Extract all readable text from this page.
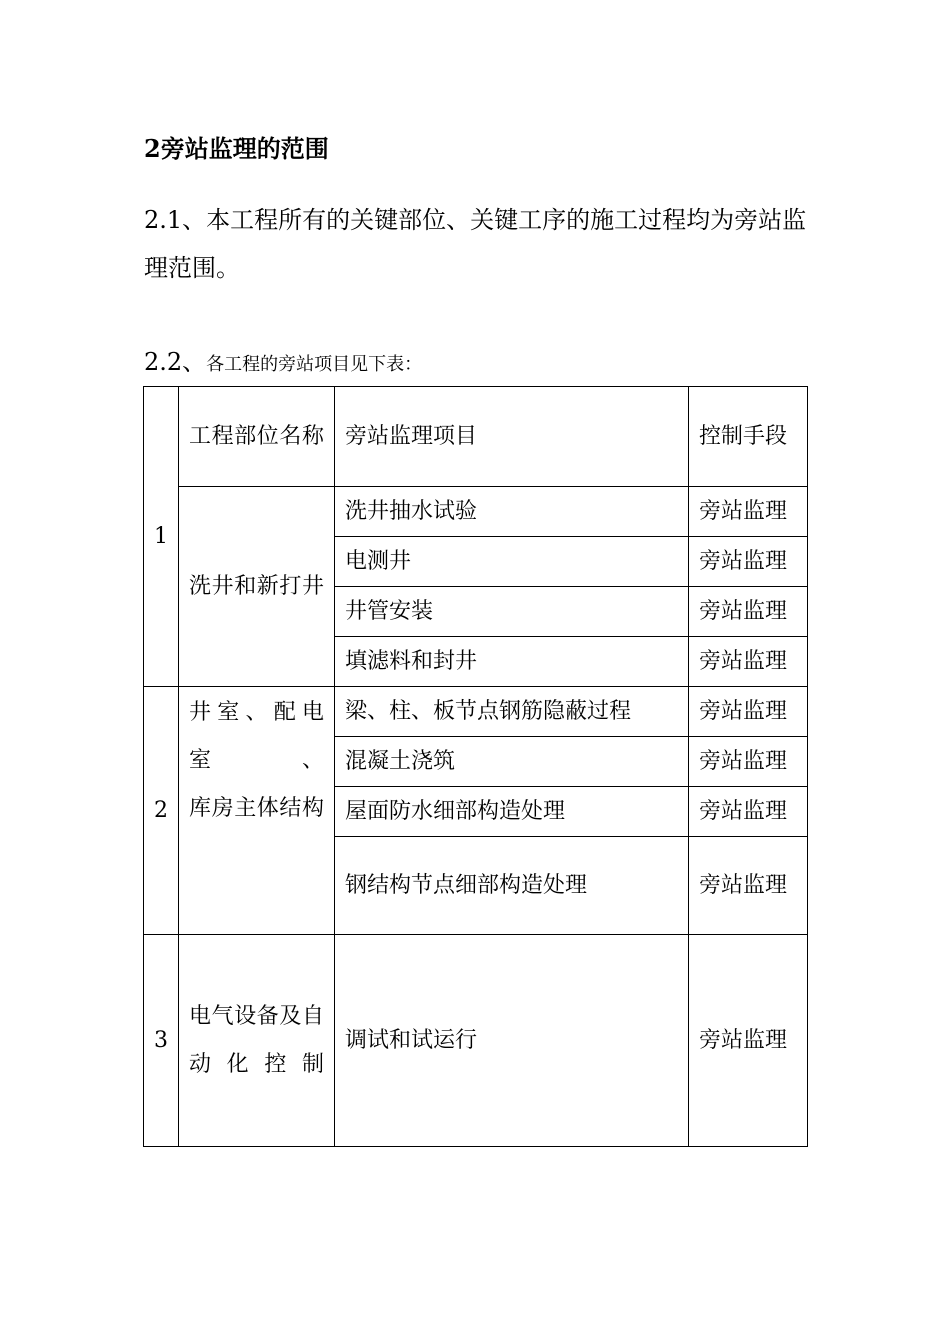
2旁站监理的范围
2.1、本工程所有的关键部位、关键工序的施工过程均为旁站监理范围。
2.2、各工程的旁站项目见下表：
1	工程部位名称	旁站监理项目	控制手段
	洗井和新打井	洗井抽水试验	旁站监理
		电测井	旁站监理
		井管安装	旁站监理
		填滤料和封井	旁站监理
2	井室、配电室、
库房主体结构	梁、柱、板节点钢筋隐蔽过程	旁站监理
		混凝土浇筑	旁站监理
		屋面防水细部构造处理	旁站监理
		钢结构节点细部构造处理	旁站监理
3	电气设备及自动化控制	调试和试运行	旁站监理
